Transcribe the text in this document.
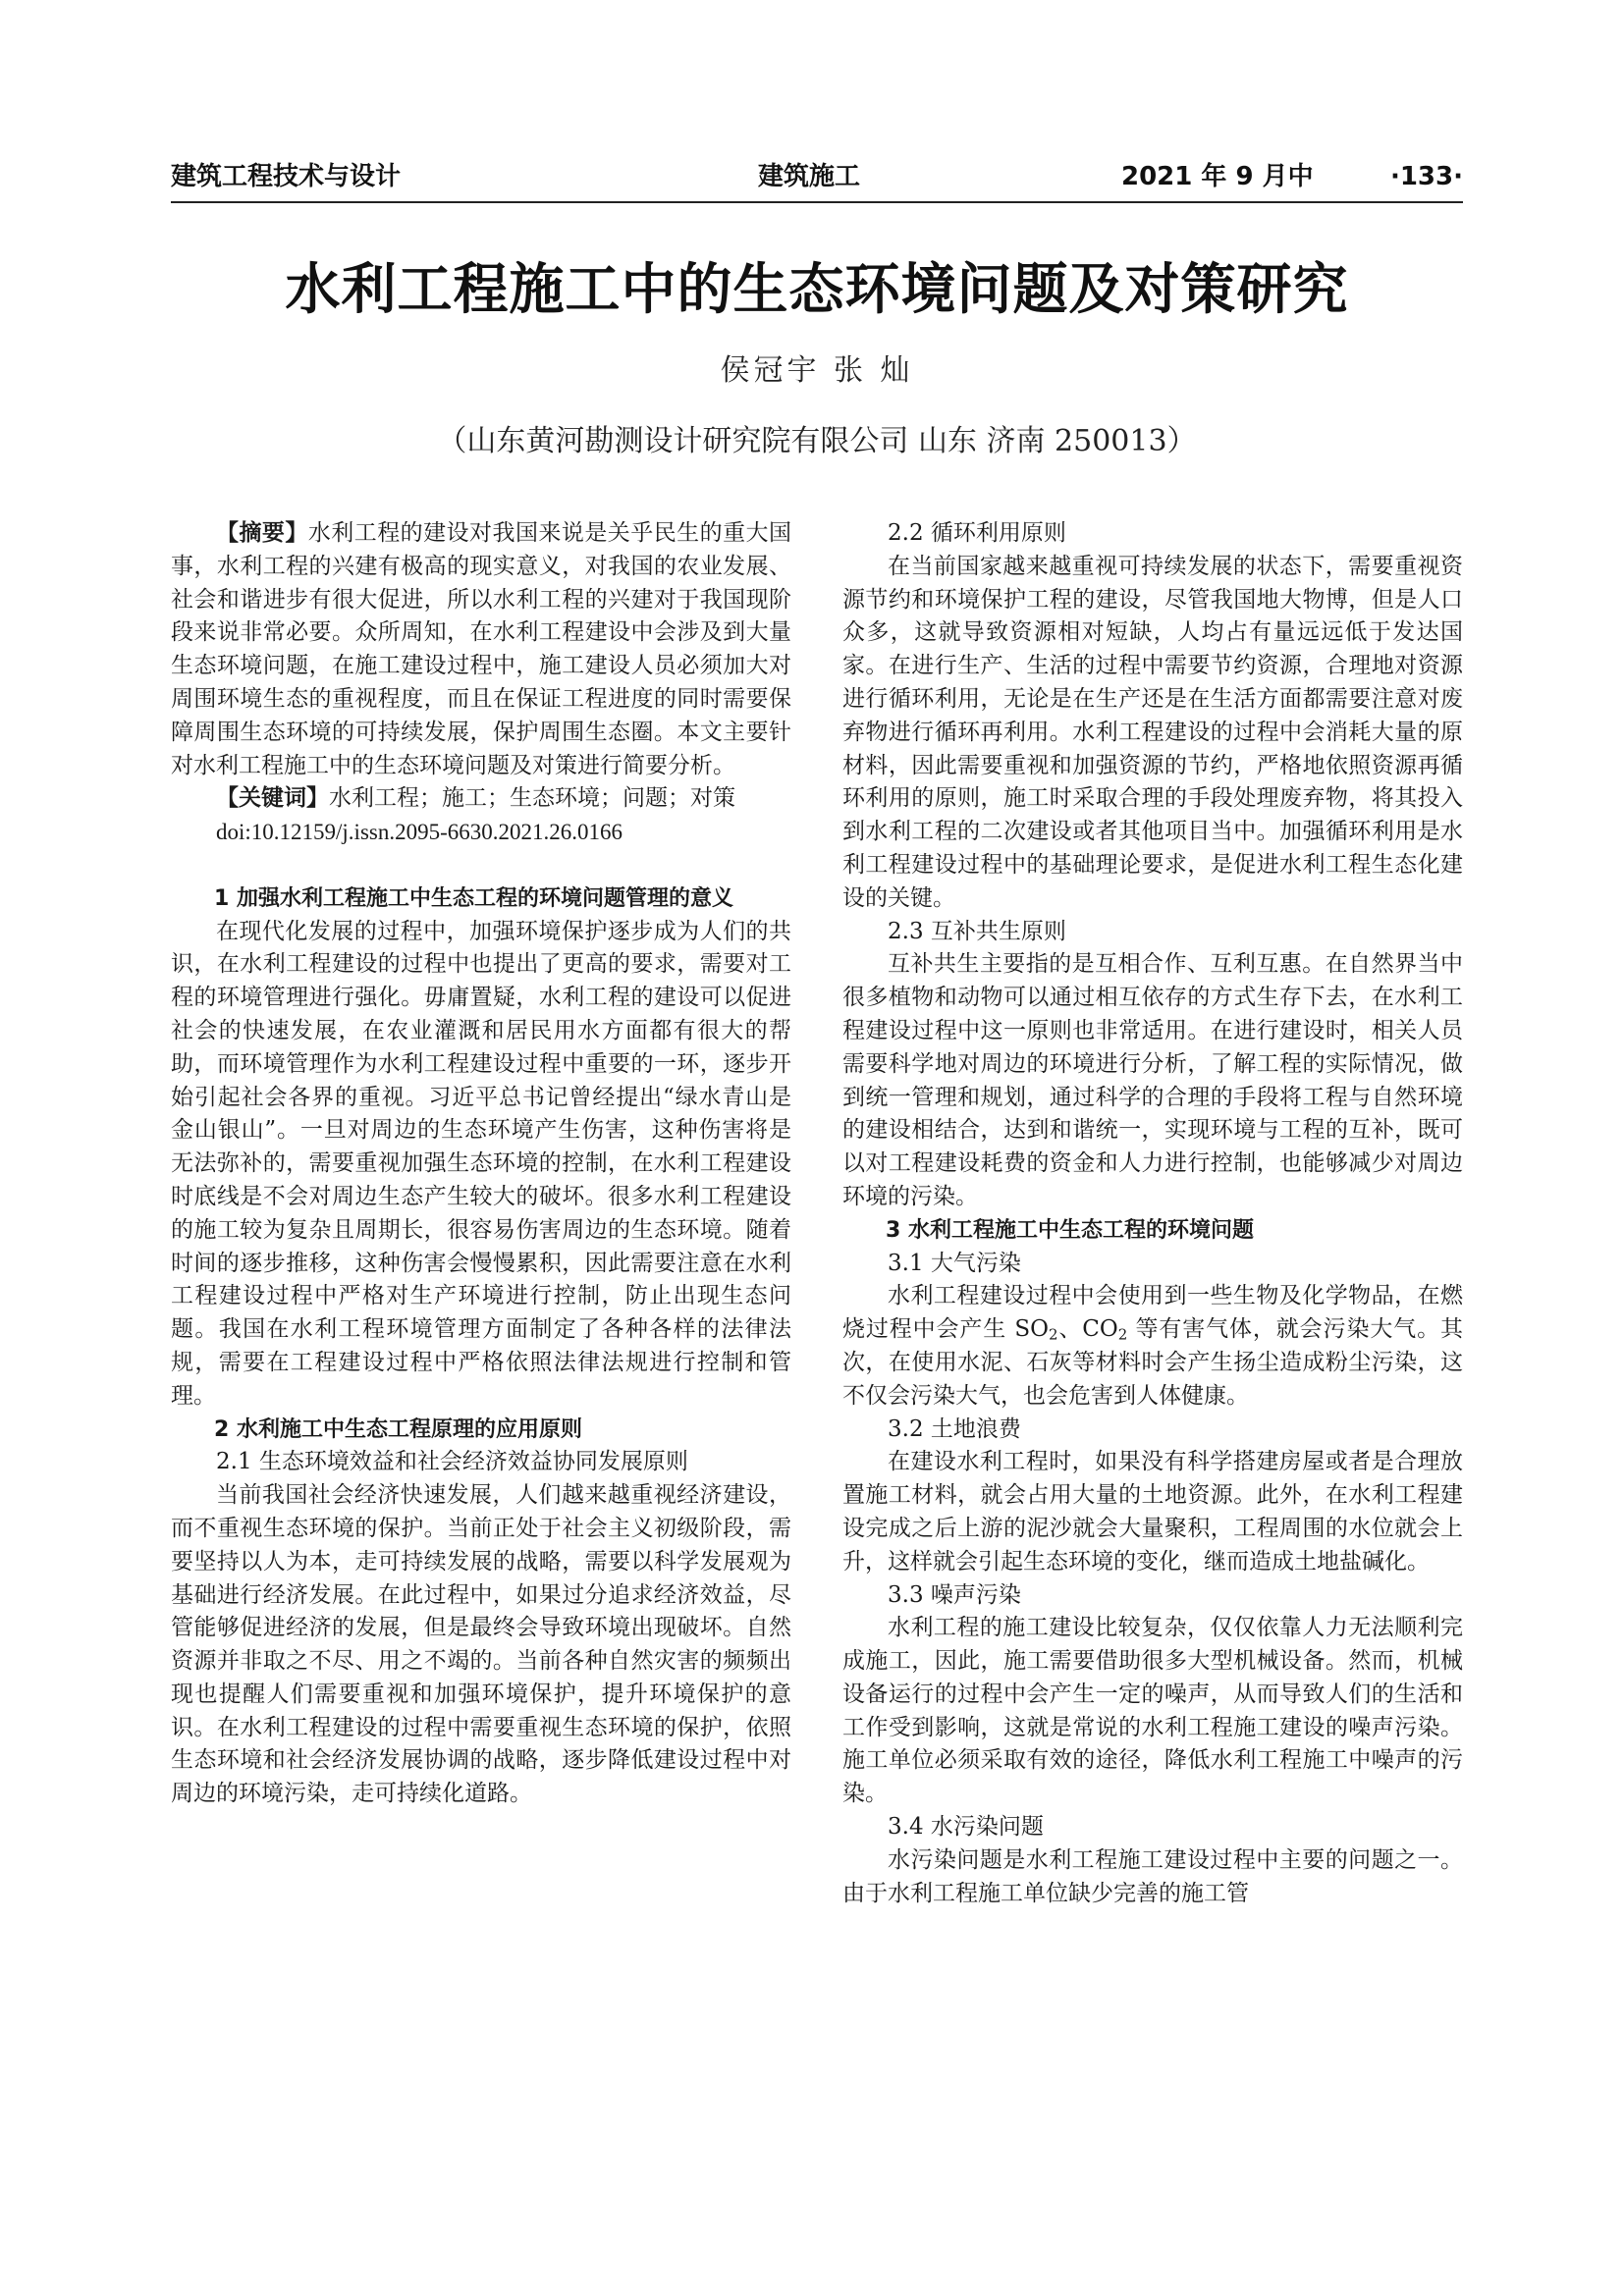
建筑工程技术与设计	建筑施工	2021 年 9 月中	·133·
水利工程施工中的生态环境问题及对策研究
侯冠宇 张 灿
（山东黄河勘测设计研究院有限公司 山东 济南 250013）

【摘要】水利工程的建设对我国来说是关乎民生的重大国事，水利工程的兴建有极高的现实意义，对我国的农业发展、社会和谐进步有很大促进，所以水利工程的兴建对于我国现阶段来说非常必要。众所周知，在水利工程建设中会涉及到大量生态环境问题，在施工建设过程中，施工建设人员必须加大对周围环境生态的重视程度，而且在保证工程进度的同时需要保障周围生态环境的可持续发展，保护周围生态圈。本文主要针对水利工程施工中的生态环境问题及对策进行简要分析。

【关键词】水利工程；施工；生态环境；问题；对策

doi:10.12159/j.issn.2095-6630.2021.26.0166

1 加强水利工程施工中生态工程的环境问题管理的意义

在现代化发展的过程中，加强环境保护逐步成为人们的共识，在水利工程建设的过程中也提出了更高的要求，需要对工程的环境管理进行强化。毋庸置疑，水利工程的建设可以促进社会的快速发展，在农业灌溉和居民用水方面都有很大的帮助，而环境管理作为水利工程建设过程中重要的一环，逐步开始引起社会各界的重视。习近平总书记曾经提出“绿水青山是金山银山”。一旦对周边的生态环境产生伤害，这种伤害将是无法弥补的，需要重视加强生态环境的控制，在水利工程建设时底线是不会对周边生态产生较大的破坏。很多水利工程建设的施工较为复杂且周期长，很容易伤害周边的生态环境。随着时间的逐步推移，这种伤害会慢慢累积，因此需要注意在水利工程建设过程中严格对生产环境进行控制，防止出现生态问题。我国在水利工程环境管理方面制定了各种各样的法律法规，需要在工程建设过程中严格依照法律法规进行控制和管理。

2 水利施工中生态工程原理的应用原则

2.1 生态环境效益和社会经济效益协同发展原则

当前我国社会经济快速发展，人们越来越重视经济建设，而不重视生态环境的保护。当前正处于社会主义初级阶段，需要坚持以人为本，走可持续发展的战略，需要以科学发展观为基础进行经济发展。在此过程中，如果过分追求经济效益，尽管能够促进经济的发展，但是最终会导致环境出现破坏。自然资源并非取之不尽、用之不竭的。当前各种自然灾害的频频出现也提醒人们需要重视和加强环境保护，提升环境保护的意识。在水利工程建设的过程中需要重视生态环境的保护，依照生态环境和社会经济发展协调的战略，逐步降低建设过程中对周边的环境污染，走可持续化道路。

2.2 循环利用原则

在当前国家越来越重视可持续发展的状态下，需要重视资源节约和环境保护工程的建设，尽管我国地大物博，但是人口众多，这就导致资源相对短缺，人均占有量远远低于发达国家。在进行生产、生活的过程中需要节约资源，合理地对资源进行循环利用，无论是在生产还是在生活方面都需要注意对废弃物进行循环再利用。水利工程建设的过程中会消耗大量的原材料，因此需要重视和加强资源的节约，严格地依照资源再循环利用的原则，施工时采取合理的手段处理废弃物，将其投入到水利工程的二次建设或者其他项目当中。加强循环利用是水利工程建设过程中的基础理论要求，是促进水利工程生态化建设的关键。

2.3 互补共生原则

互补共生主要指的是互相合作、互利互惠。在自然界当中很多植物和动物可以通过相互依存的方式生存下去，在水利工程建设过程中这一原则也非常适用。在进行建设时，相关人员需要科学地对周边的环境进行分析，了解工程的实际情况，做到统一管理和规划，通过科学的合理的手段将工程与自然环境的建设相结合，达到和谐统一，实现环境与工程的互补，既可以对工程建设耗费的资金和人力进行控制，也能够减少对周边环境的污染。

3 水利工程施工中生态工程的环境问题

3.1 大气污染

水利工程建设过程中会使用到一些生物及化学物品，在燃烧过程中会产生 $SO_2$、$CO_2$ 等有害气体，就会污染大气。其次，在使用水泥、石灰等材料时会产生扬尘造成粉尘污染，这不仅会污染大气，也会危害到人体健康。

3.2 土地浪费

在建设水利工程时，如果没有科学搭建房屋或者是合理放置施工材料，就会占用大量的土地资源。此外，在水利工程建设完成之后上游的泥沙就会大量聚积，工程周围的水位就会上升，这样就会引起生态环境的变化，继而造成土地盐碱化。

3.3 噪声污染

水利工程的施工建设比较复杂，仅仅依靠人力无法顺利完成施工，因此，施工需要借助很多大型机械设备。然而，机械设备运行的过程中会产生一定的噪声，从而导致人们的生活和工作受到影响，这就是常说的水利工程施工建设的噪声污染。施工单位必须采取有效的途径，降低水利工程施工中噪声的污染。

3.4 水污染问题

水污染问题是水利工程施工建设过程中主要的问题之一。由于水利工程施工单位缺少完善的施工管
